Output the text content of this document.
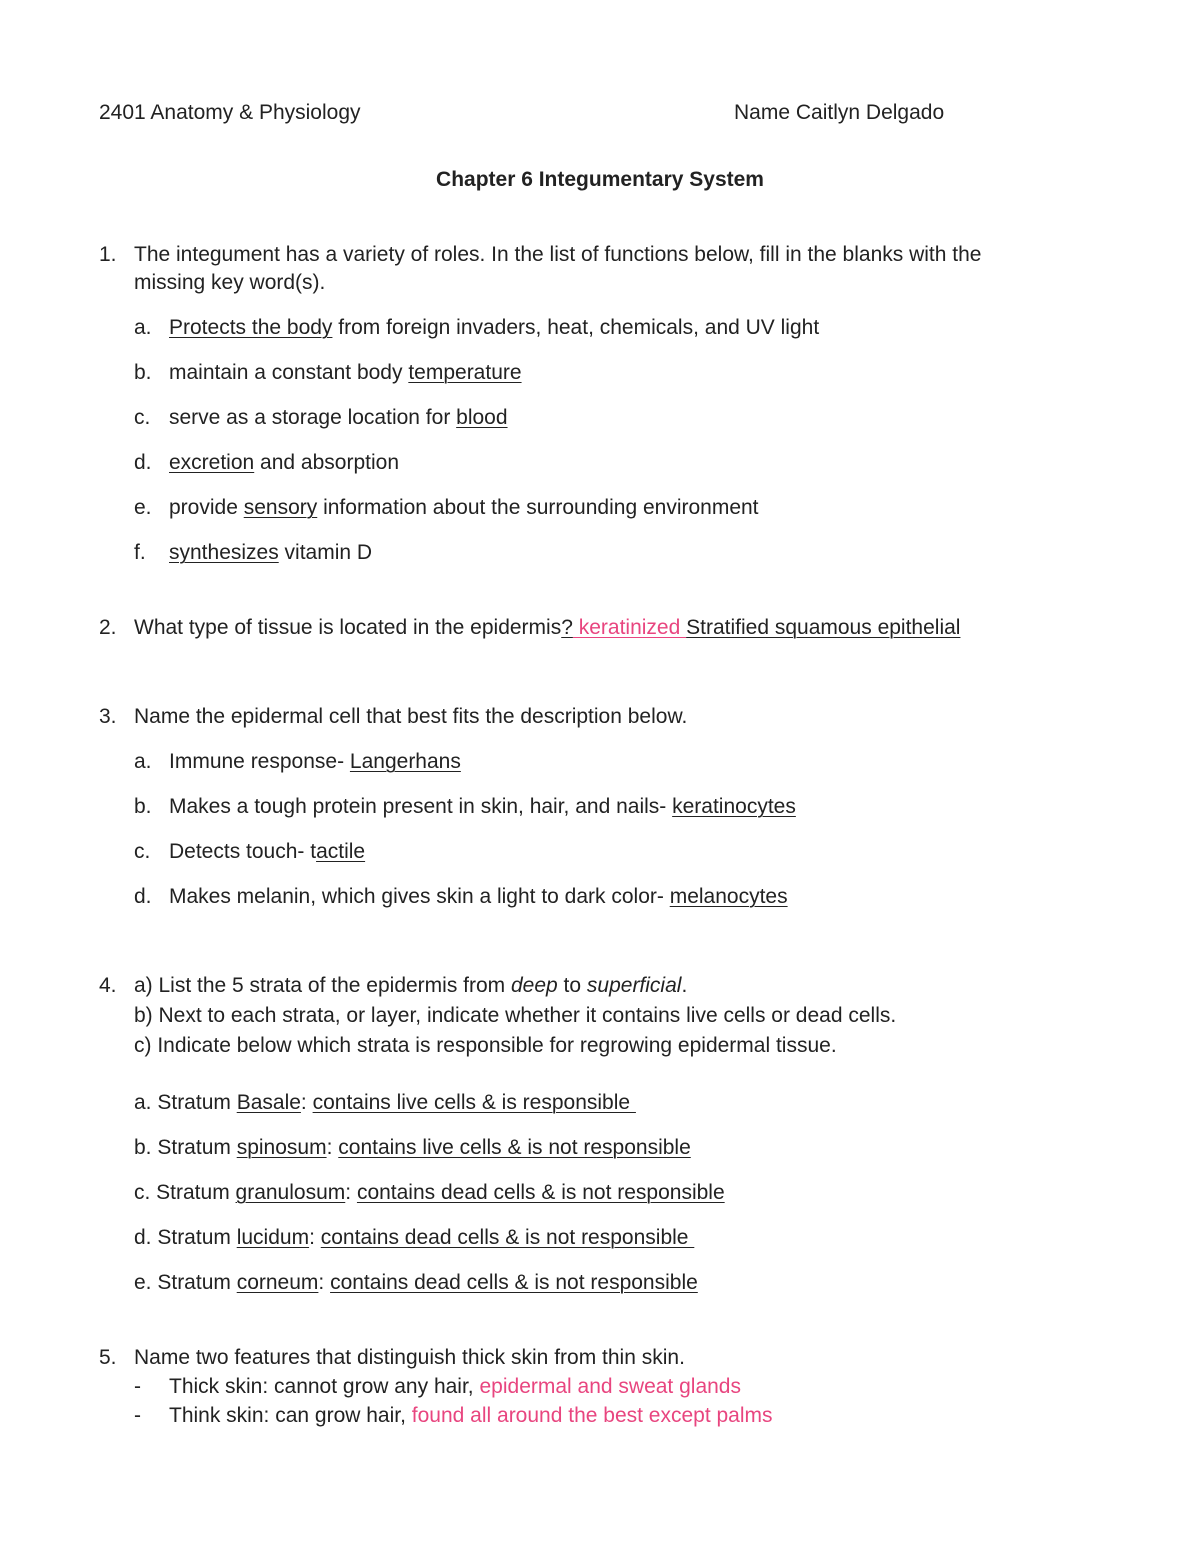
2401 Anatomy & Physiology	Name Caitlyn Delgado
Chapter 6 Integumentary System
1. The integument has a variety of roles. In the list of functions below, fill in the blanks with the
missing key word(s).
a. Protects the body from foreign invaders, heat, chemicals, and UV light
b. maintain a constant body temperature
c. serve as a storage location for blood
d. excretion and absorption
e. provide sensory information about the surrounding environment
f. synthesizes vitamin D
2. What type of tissue is located in the epidermis? keratinized Stratified squamous epithelial
3. Name the epidermal cell that best fits the description below.
a. Immune response- Langerhans
b. Makes a tough protein present in skin, hair, and nails- keratinocytes
c. Detects touch- tactile
d. Makes melanin, which gives skin a light to dark color- melanocytes
4. a) List the 5 strata of the epidermis from deep to superficial.
b) Next to each strata, or layer, indicate whether it contains live cells or dead cells.
c) Indicate below which strata is responsible for regrowing epidermal tissue.
a. Stratum Basale: contains live cells & is responsible
b. Stratum spinosum: contains live cells & is not responsible
c. Stratum granulosum: contains dead cells & is not responsible
d. Stratum lucidum: contains dead cells & is not responsible
e. Stratum corneum: contains dead cells & is not responsible
5. Name two features that distinguish thick skin from thin skin.
- Thick skin: cannot grow any hair, epidermal and sweat glands
- Think skin: can grow hair, found all around the best except palms
